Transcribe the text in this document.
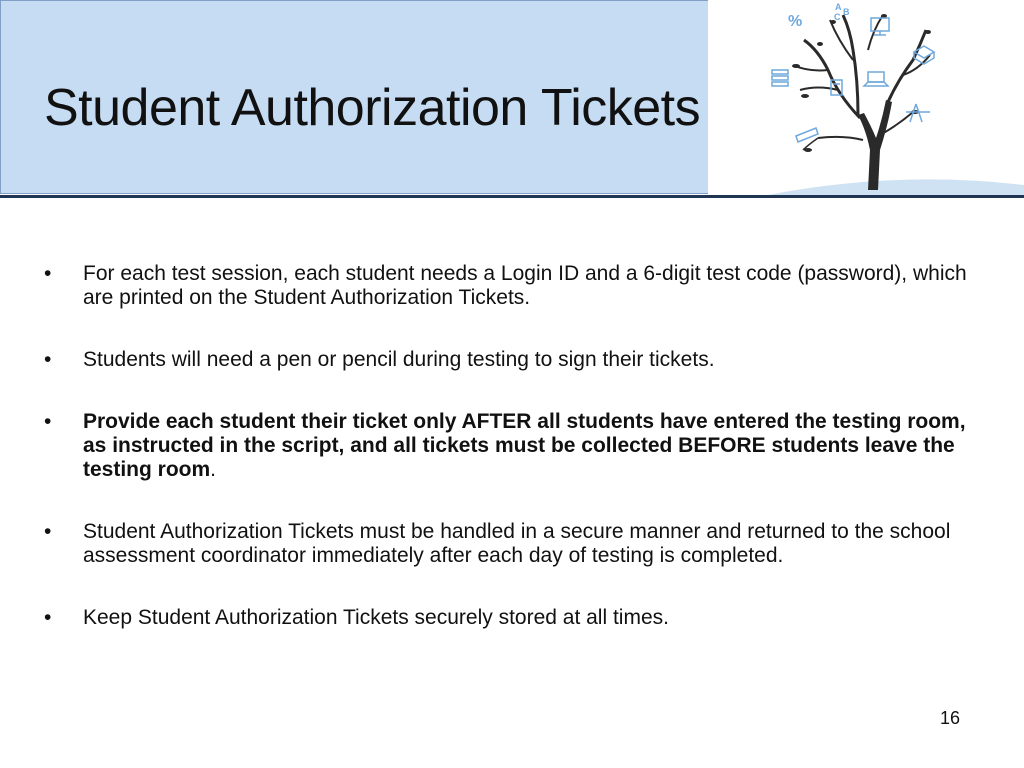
Student Authorization Tickets
%
A
C B
• For each test session, each student needs a Login ID and a 6-digit test code (password), which are printed on the Student Authorization Tickets.
• Students will need a pen or pencil during testing to sign their tickets.
• Provide each student their ticket only AFTER all students have entered the testing room, as instructed in the script, and all tickets must be collected BEFORE students leave the testing room.
• Student Authorization Tickets must be handled in a secure manner and returned to the school assessment coordinator immediately after each day of testing is completed.
• Keep Student Authorization Tickets securely stored at all times.
16
